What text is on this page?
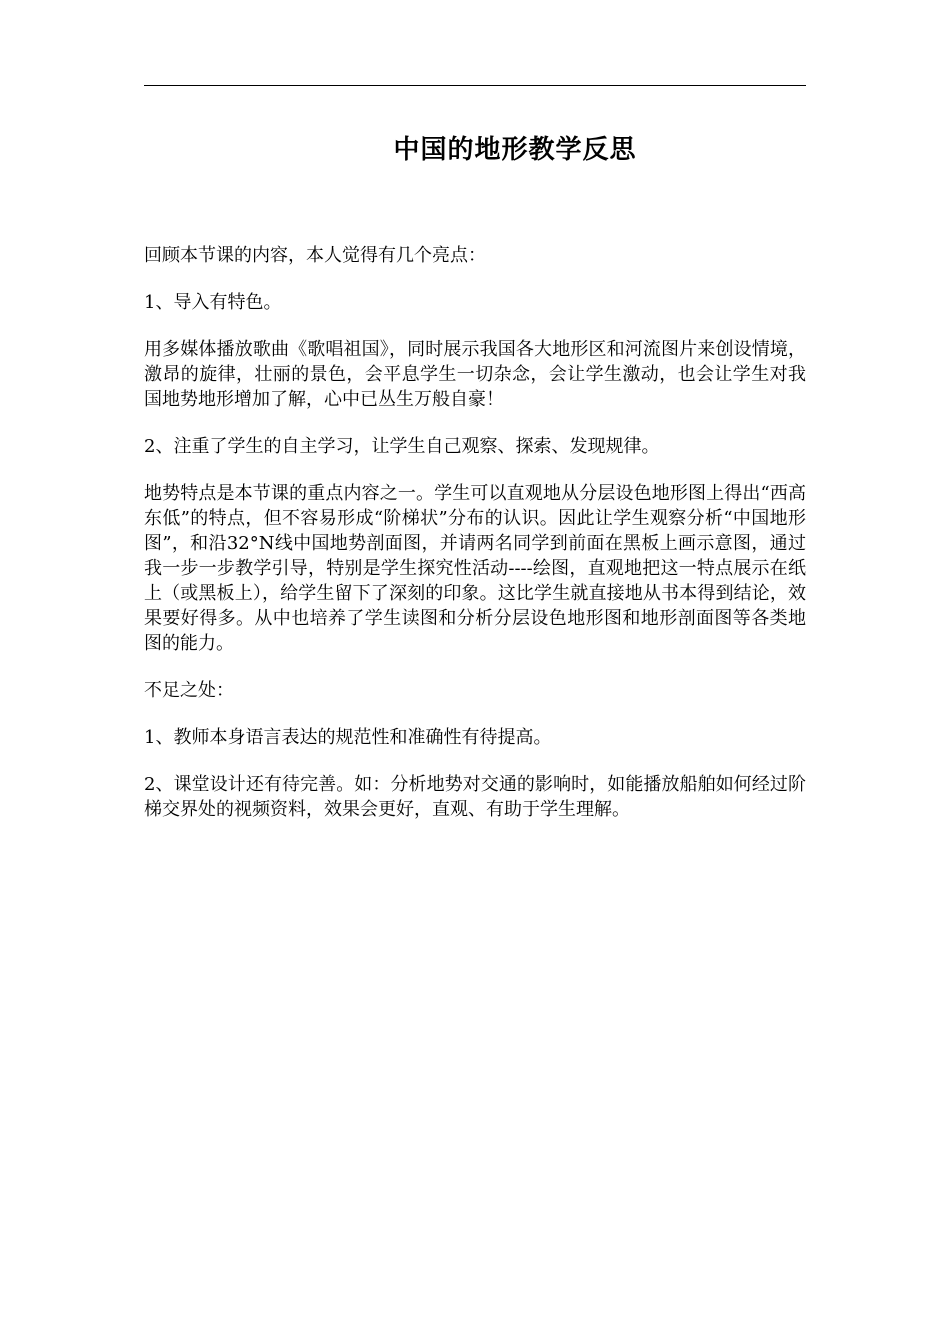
中国的地形教学反思

回顾本节课的内容，本人觉得有几个亮点：

1、导入有特色。

用多媒体播放歌曲《歌唱祖国》，同时展示我国各大地形区和河流图片来创设情境，激昂的旋律，壮丽的景色，会平息学生一切杂念，会让学生激动，也会让学生对我国地势地形增加了解，心中已丛生万般自豪！

2、注重了学生的自主学习，让学生自己观察、探索、发现规律。

地势特点是本节课的重点内容之一。学生可以直观地从分层设色地形图上得出“西高东低”的特点，但不容易形成“阶梯状”分布的认识。因此让学生观察分析“中国地形图”，和沿32°N线中国地势剖面图，并请两名同学到前面在黑板上画示意图，通过我一步一步教学引导，特别是学生探究性活动----绘图，直观地把这一特点展示在纸上（或黑板上），给学生留下了深刻的印象。这比学生就直接地从书本得到结论，效果要好得多。从中也培养了学生读图和分析分层设色地形图和地形剖面图等各类地图的能力。

不足之处：

1、教师本身语言表达的规范性和准确性有待提高。

2、课堂设计还有待完善。如：分析地势对交通的影响时，如能播放船舶如何经过阶梯交界处的视频资料，效果会更好，直观、有助于学生理解。
